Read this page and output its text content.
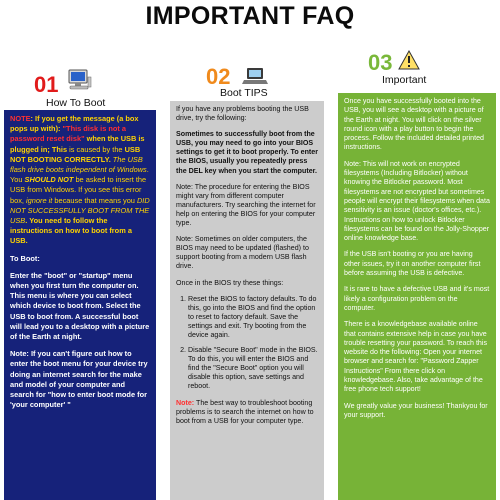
IMPORTANT FAQ
01
How To Boot

NOTE: If you get the message (a box pops up with): "This disk is not a password reset disk" when the USB is plugged in; This is caused by the USB NOT BOOTING CORRECTLY. The USB flash drive boots independent of Windows. You SHOULD NOT be asked to insert the USB from Windows. If you see this error box, ignore it because that means you DID NOT SUCCESSFULLY BOOT FROM THE USB. You need to follow the instructions on how to boot from a USB.

To Boot:

Enter the "boot" or "startup" menu when you first turn the computer on. This menu is where you can select which device to boot from. Select the USB to boot from. A successful boot will lead you to a desktop with a picture of the Earth at night.

Note: If you can't figure out how to enter the boot menu for your device try doing an internet search for the make and model of your computer and search for "how to enter boot mode for 'your computer' "

02
Boot TIPS

If you have any problems booting the USB drive, try the following:

Sometimes to successfully boot from the USB, you may need to go into your BIOS settings to get it to boot properly. To enter the BIOS, usually you repeatedly press the DEL key when you start the computer.

Note: The procedure for entering the BIOS might vary from different computer manufacturers. Try searching the internet for help on entering the BIOS for your computer type.

Note: Sometimes on older computers, the BIOS may need to be updated (flashed) to support booting from a modern USB flash drive.

Once in the BIOS try these things:

1. Reset the BIOS to factory defaults. To do this, go into the BIOS and find the option to reset to factory default. Save the settings and exit. Try booting from the device again.
2. Disable "Secure Boot" mode in the BIOS. To do this, you will enter the BIOS and find the "Secure Boot" option you will disable this option, save settings and reboot.

Note: The best way to troubleshoot booting problems is to search the internet on how to boot from a USB for your computer type.

03
Important

Once you have successfully booted into the USB, you will see a desktop with a picture of the Earth at night. You will click on the silver round icon with a play button to begin the process. Follow the included detailed printed instructions.

Note: This will not work on encrypted filesystems (Including Bitlocker) without knowing the Bitlocker password. Most filesystems are not encrypted but sometimes people will encrypt their filesystems when data sensitivity is an issue (doctor's offices, etc.). Instructions on how to unlock Bitlocker filesystems can be found on the Jolly-Shopper online knowledge base.

If the USB isn't booting or you are having other issues, try it on another computer first before assuming the USB is defective.

It is rare to have a defective USB and it's most likely a configuration problem on the computer.

There is a knowledgebase available online that contains extensive help in case you have trouble resetting your password. To reach this website do the following: Open your internet browser and search for: "Password Zapper Instructions" From there click on knowledgebase. Also, take advantage of the free phone tech support!

We greatly value your business! Thankyou for your support.
